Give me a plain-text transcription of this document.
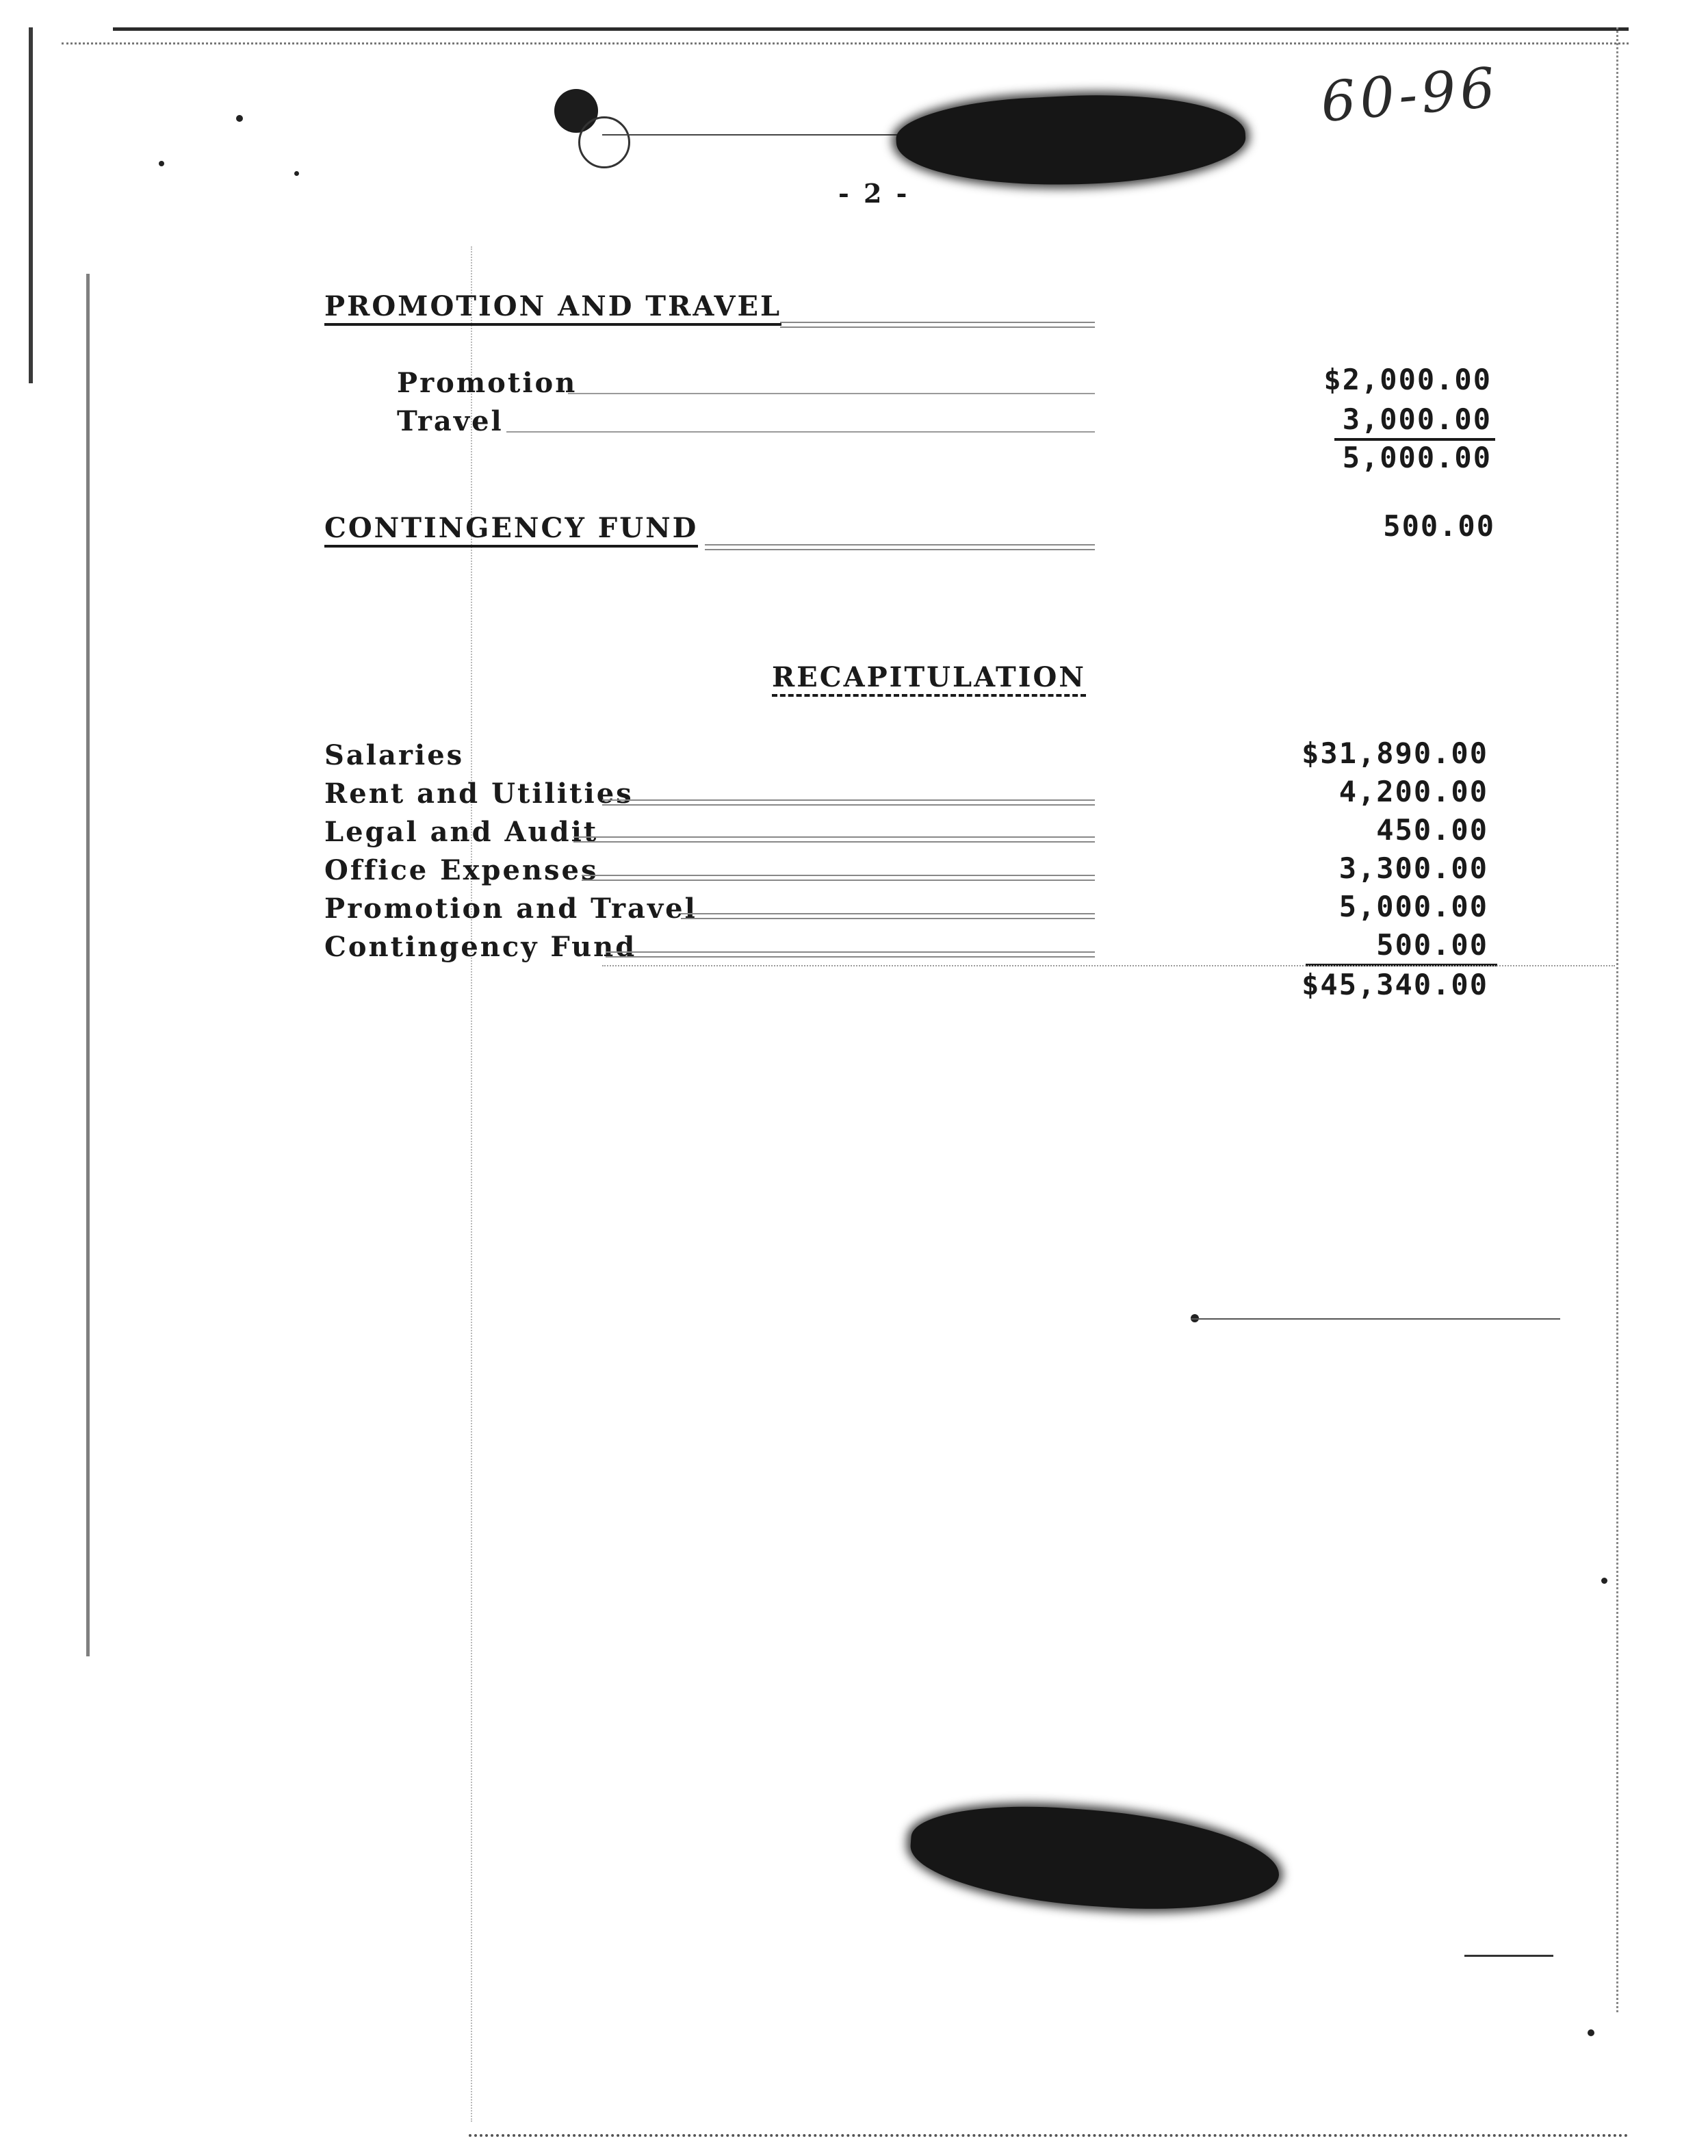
- 2 -
60-96
PROMOTION AND TRAVEL
Promotion	$2,000.00
Travel	3,000.00
5,000.00
CONTINGENCY FUND	500.00
RECAPITULATION
Salaries	$31,890.00
Rent and Utilities	4,200.00
Legal and Audit	450.00
Office Expenses	3,300.00
Promotion and Travel	5,000.00
Contingency Fund	500.00
$45,340.00
